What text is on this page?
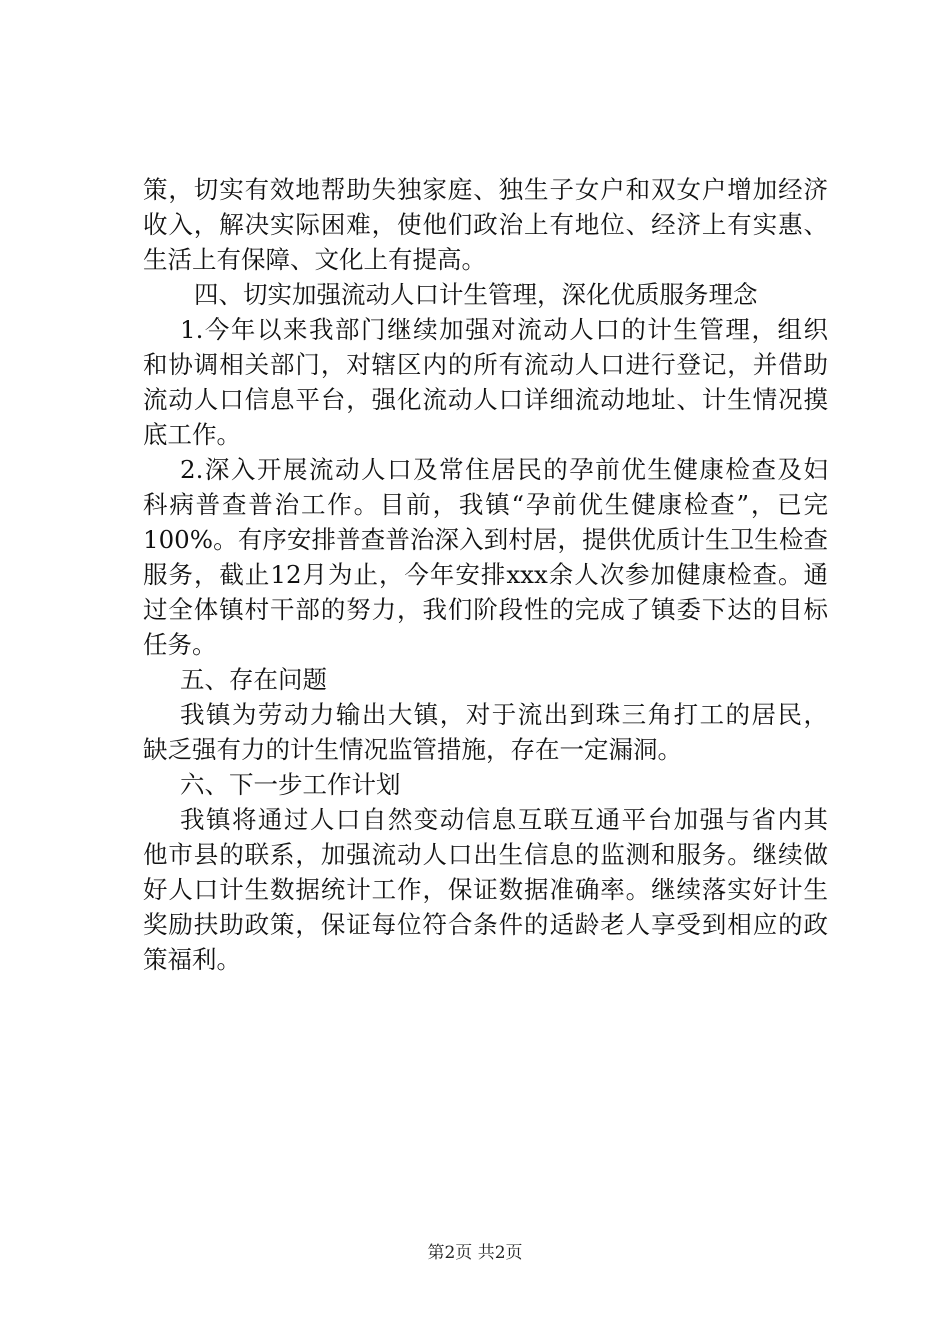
策，切实有效地帮助失独家庭、独生子女户和双女户增加经济
收入，解决实际困难，使他们政治上有地位、经济上有实惠、
生活上有保障、文化上有提高。
四、切实加强流动人口计生管理，深化优质服务理念
1.今年以来我部门继续加强对流动人口的计生管理，组织
和协调相关部门，对辖区内的所有流动人口进行登记，并借助
流动人口信息平台，强化流动人口详细流动地址、计生情况摸
底工作。
2.深入开展流动人口及常住居民的孕前优生健康检查及妇
科病普查普治工作。目前，我镇“孕前优生健康检查”，已完
100%。有序安排普查普治深入到村居，提供优质计生卫生检查
服务，截止12月为止，今年安排xxx余人次参加健康检查。通
过全体镇村干部的努力，我们阶段性的完成了镇委下达的目标
任务。
五、存在问题
我镇为劳动力输出大镇，对于流出到珠三角打工的居民，
缺乏强有力的计生情况监管措施，存在一定漏洞。
六、下一步工作计划
我镇将通过人口自然变动信息互联互通平台加强与省内其
他市县的联系，加强流动人口出生信息的监测和服务。继续做
好人口计生数据统计工作，保证数据准确率。继续落实好计生
奖励扶助政策，保证每位符合条件的适龄老人享受到相应的政
策福利。
第2页 共2页
